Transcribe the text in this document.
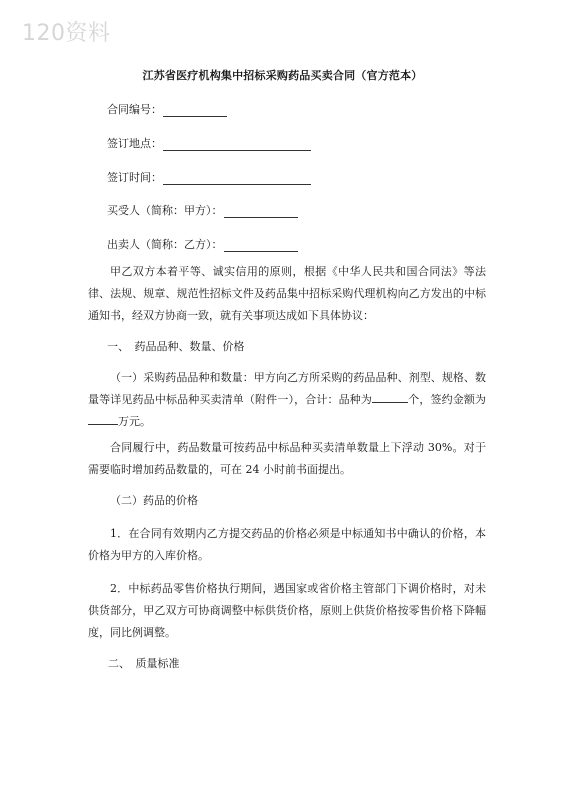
120资料
江苏省医疗机构集中招标采购药品买卖合同（官方范本）
合同编号：
签订地点：
签订时间：
买受人（简称：甲方）：
出卖人（简称：乙方）：

甲乙双方本着平等、诚实信用的原则，根据《中华人民共和国合同法》等法律、法规、规章、规范性招标文件及药品集中招标采购代理机构向乙方发出的中标通知书，经双方协商一致，就有关事项达成如下具体协议：

一、　药品品种、数量、价格

（一）采购药品品种和数量：甲方向乙方所采购的药品品种、剂型、规格、数量等详见药品中标品种买卖清单（附件一），合计：品种为	个，签约金额为万元。

合同履行中，药品数量可按药品中标品种买卖清单数量上下浮动 30%。对于需要临时增加药品数量的，可在 24 小时前书面提出。

（二）药品的价格

1．在合同有效期内乙方提交药品的价格必须是中标通知书中确认的价格，本价格为甲方的入库价格。

2．中标药品零售价格执行期间，遇国家或省价格主管部门下调价格时，对未供货部分，甲乙双方可协商调整中标供货价格，原则上供货价格按零售价格下降幅度，同比例调整。

二、　质量标准
